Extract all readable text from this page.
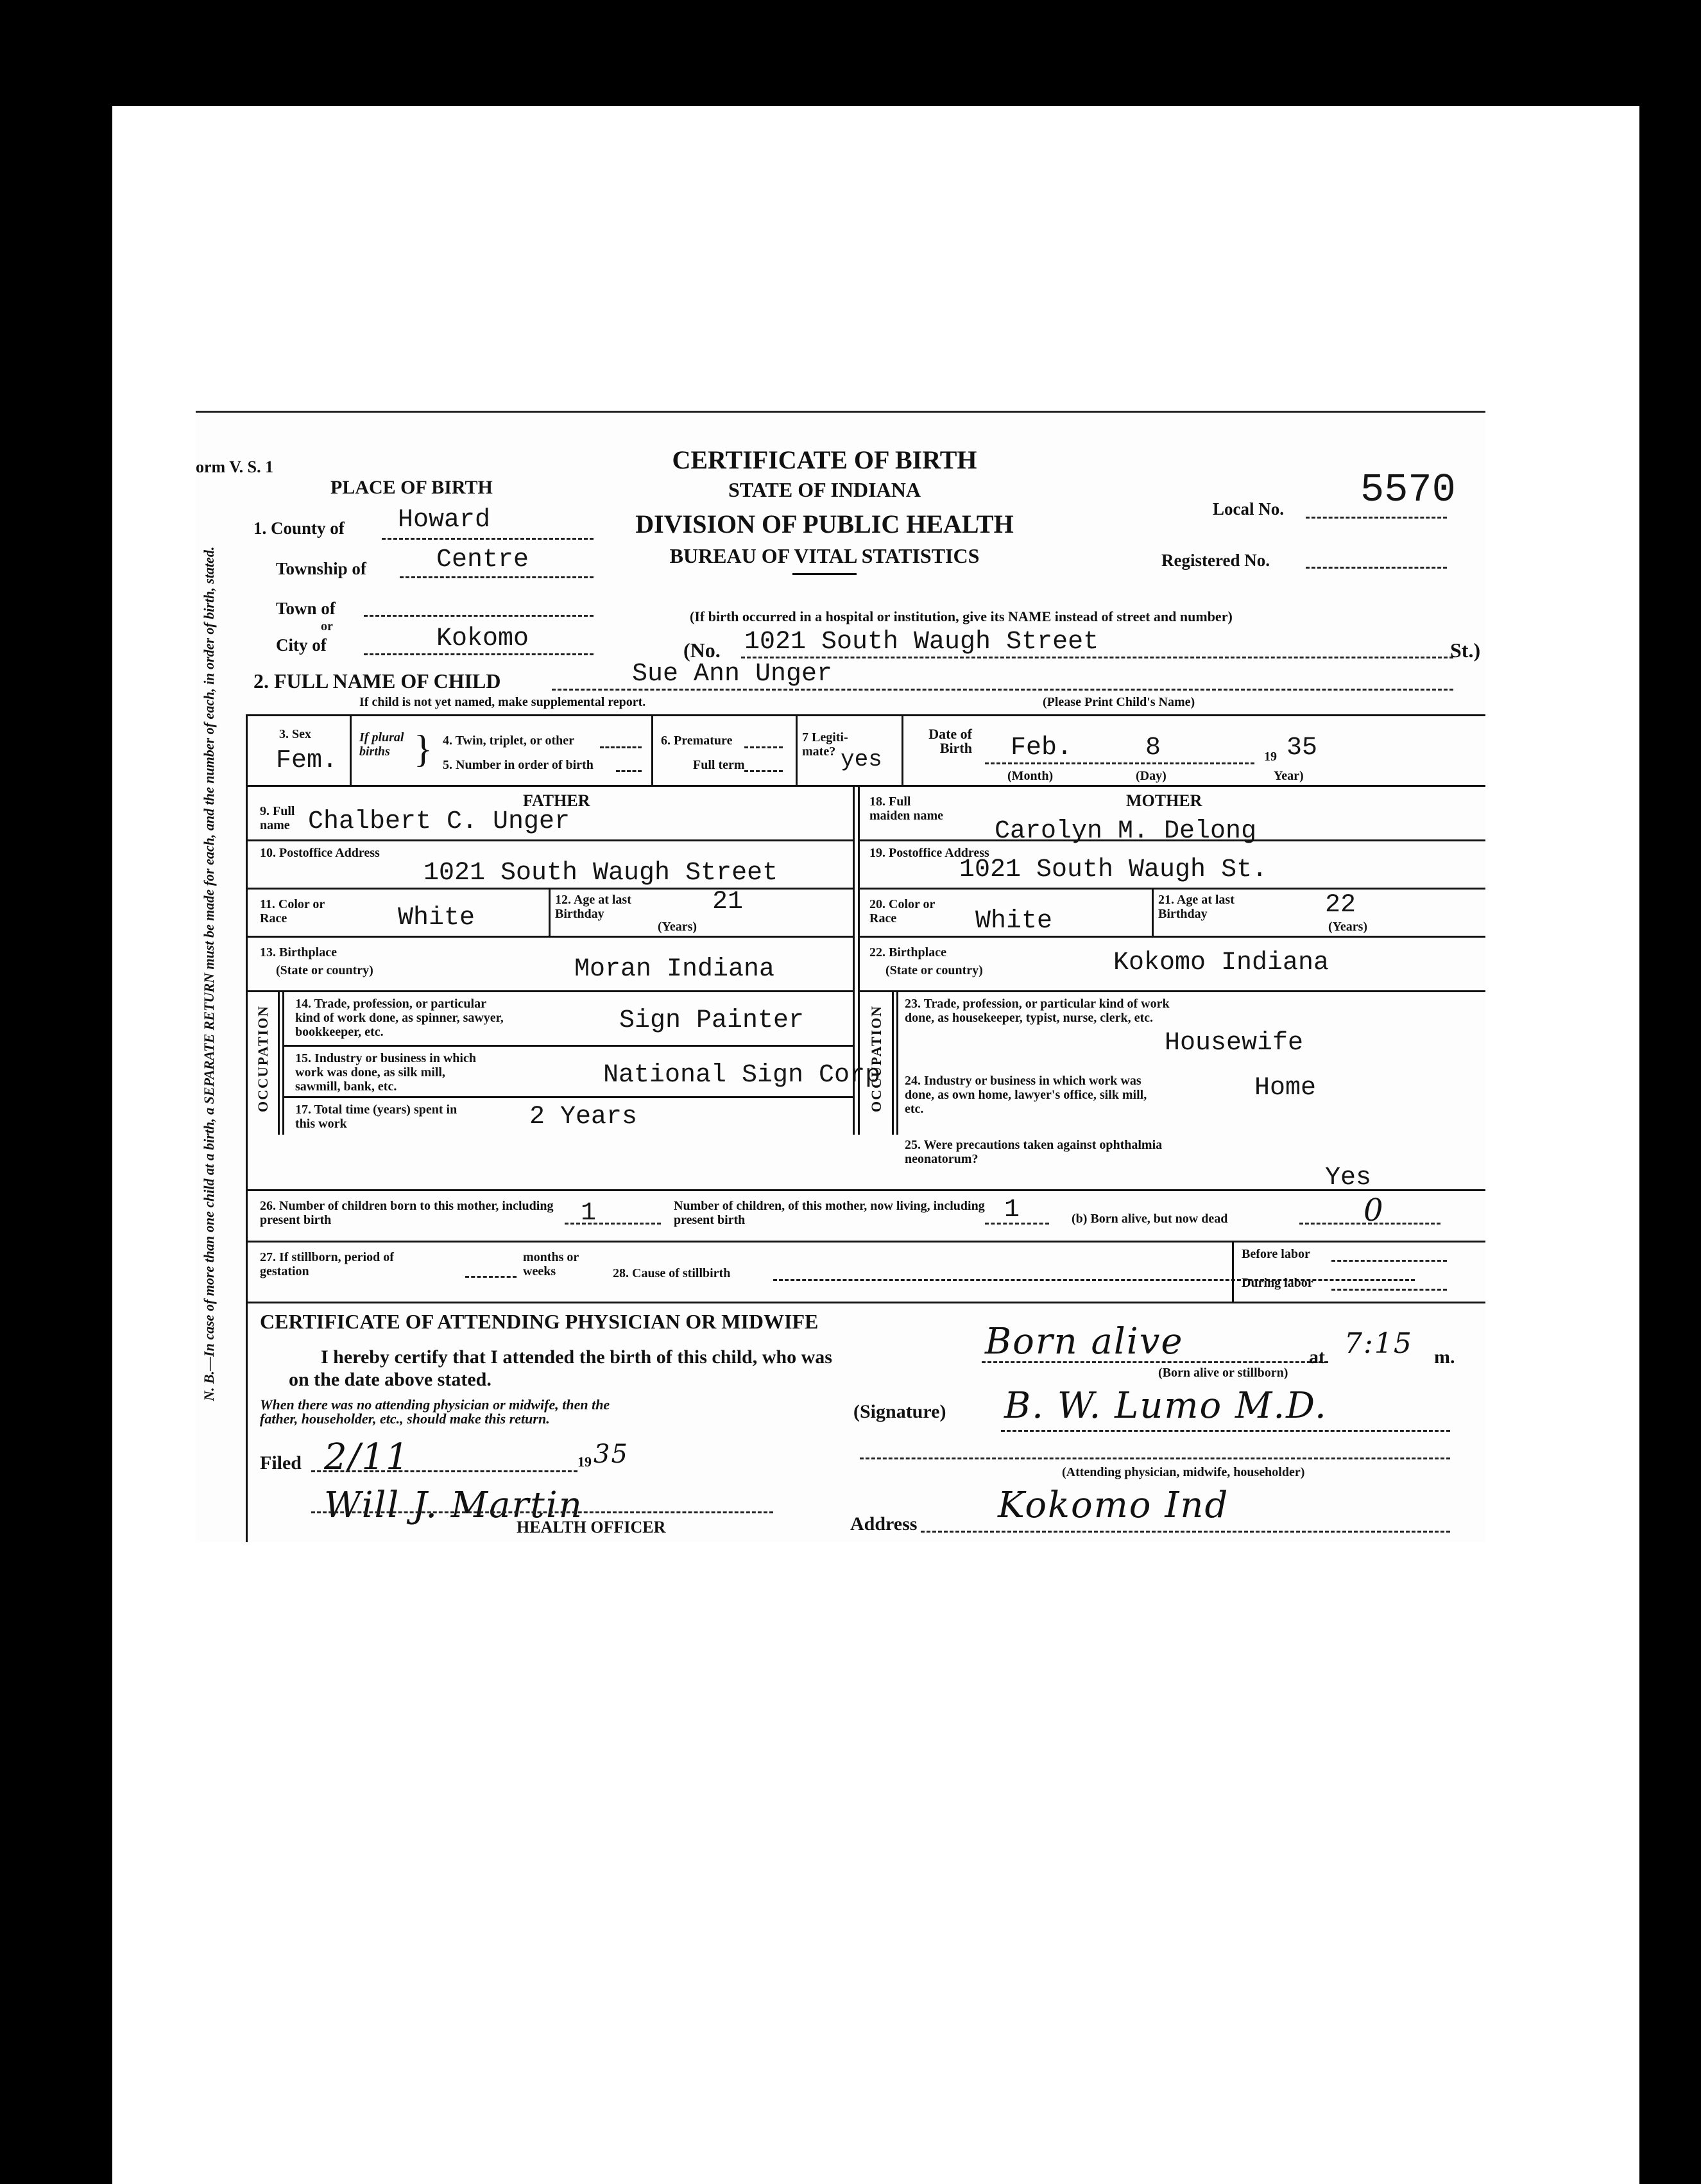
N. B.—In case of more than one child at a birth, a SEPARATE RETURN must be made for each, and the number of each, in order of birth, stated.
orm V. S. 1	CERTIFICATE OF BIRTH
STATE OF INDIANA
DIVISION OF PUBLIC HEALTH
BUREAU OF VITAL STATISTICS
Local No. 5570
Registered No.
PLACE OF BIRTH
1. County of Howard
Township of	Centre
Town of
or
City of	Kokomo
(If birth occurred in a hospital or institution, give its NAME instead of street and number)
(No. 1021 South Waugh Street	St.)
2. FULL NAME OF CHILD	Sue Ann Unger
If child is not yet named, make supplemental report.	(Please Print Child's Name)
3. Sex
Fem.
If plural births } 4. Twin, triplet, or other
5. Number in order of birth
6. Premature
Full term
7 Legiti- mate? yes
Date of Birth Feb.	8	19 35
(Month)	(Day)	Year)
FATHER
9. Full name Chalbert C. Unger
10. Postoffice Address
1021 South Waugh Street
11. Color or Race	White
12. Age at last Birthday	21
(Years)
13. Birthplace
(State or country)	Moran Indiana
OCCUPATION
14. Trade, profession, or particular kind of work done, as spinner, sawyer, bookkeeper, etc.	Sign Painter
15. Industry or business in which work was done, as silk mill, sawmill, bank, etc.	National Sign Corp
17. Total time (years) spent in this work	2 Years
MOTHER
18. Full maiden name
Carolyn M. Delong
19. Postoffice Address
1021 South Waugh St.
20. Color or Race	White
21. Age at last Birthday	22
(Years)
22. Birthplace
(State or country)	Kokomo Indiana
OCCUPATION
23. Trade, profession, or particular kind of work done, as housekeeper, typist, nurse, clerk, etc.
Housewife
24. Industry or business in which work was done, as own home, lawyer's office, silk mill, etc.
Home
25. Were precautions taken against ophthalmia neonatorum?
Yes
26. Number of children born to this mother, including present birth	1	Number of children, of this mother, now living, including present birth	1	(b) Born alive, but now dead	0
27. If stillborn, period of gestation
months or weeks	28. Cause of stillbirth
Before labor
During labor
CERTIFICATE OF ATTENDING PHYSICIAN OR MIDWIFE
I hereby certify that I attended the birth of this child, who was	Born alive	at 7:15 m.
on the date above stated.	(Born alive or stillborn)
When there was no attending physician or midwife, then the father, householder, etc., should make this return.	(Signature) B. W. Lumo M.D.
Filed 2/11	19 35
(Attending physician, midwife, householder)
Will J. Martin
HEALTH OFFICER	Address Kokomo Ind
